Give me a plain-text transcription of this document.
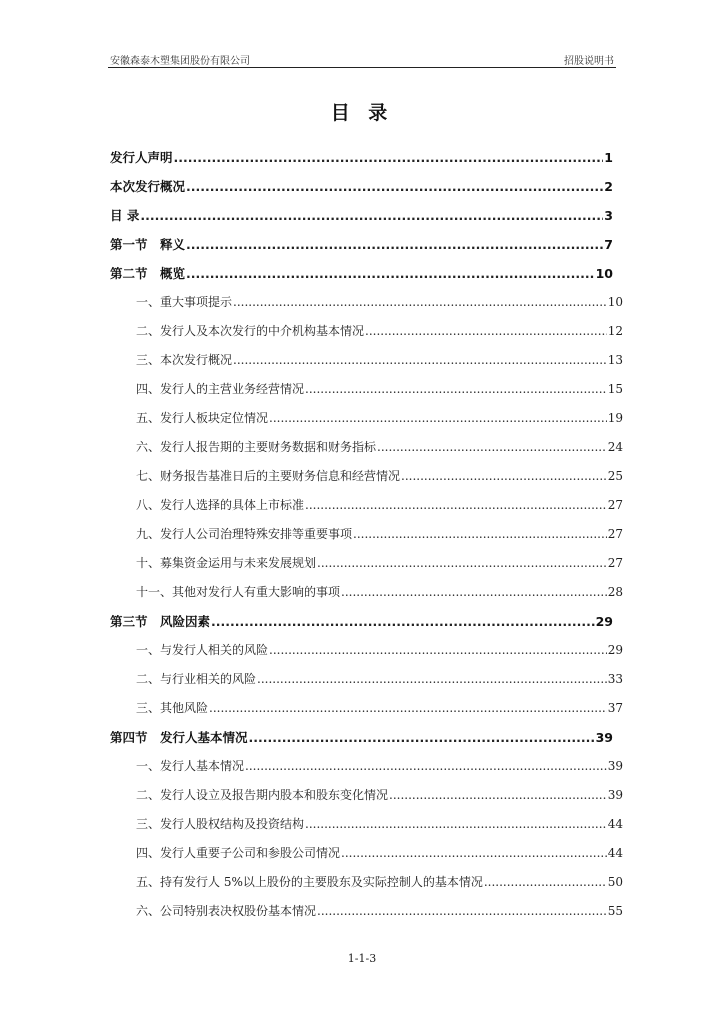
安徽森泰木塑集团股份有限公司	招股说明书
目 录
发行人声明 .....	1
本次发行概况 .....	2
目 录 .....	3
第一节　释义 .....	7
第二节　概览 .....	10
一、重大事项提示 .....	10
二、发行人及本次发行的中介机构基本情况 .....	12
三、本次发行概况 .....	13
四、发行人的主营业务经营情况 .....	15
五、发行人板块定位情况 .....	19
六、发行人报告期的主要财务数据和财务指标 .....	24
七、财务报告基准日后的主要财务信息和经营情况 .....	25
八、发行人选择的具体上市标准 .....	27
九、发行人公司治理特殊安排等重要事项 .....	27
十、募集资金运用与未来发展规划 .....	27
十一、其他对发行人有重大影响的事项 .....	28
第三节　风险因素 .....	29
一、与发行人相关的风险 .....	29
二、与行业相关的风险 .....	33
三、其他风险 .....	37
第四节　发行人基本情况 .....	39
一、发行人基本情况 .....	39
二、发行人设立及报告期内股本和股东变化情况 .....	39
三、发行人股权结构及投资结构 .....	44
四、发行人重要子公司和参股公司情况 .....	44
五、持有发行人 5%以上股份的主要股东及实际控制人的基本情况 .....	50
六、公司特别表决权股份基本情况 .....	55
1-1-3
